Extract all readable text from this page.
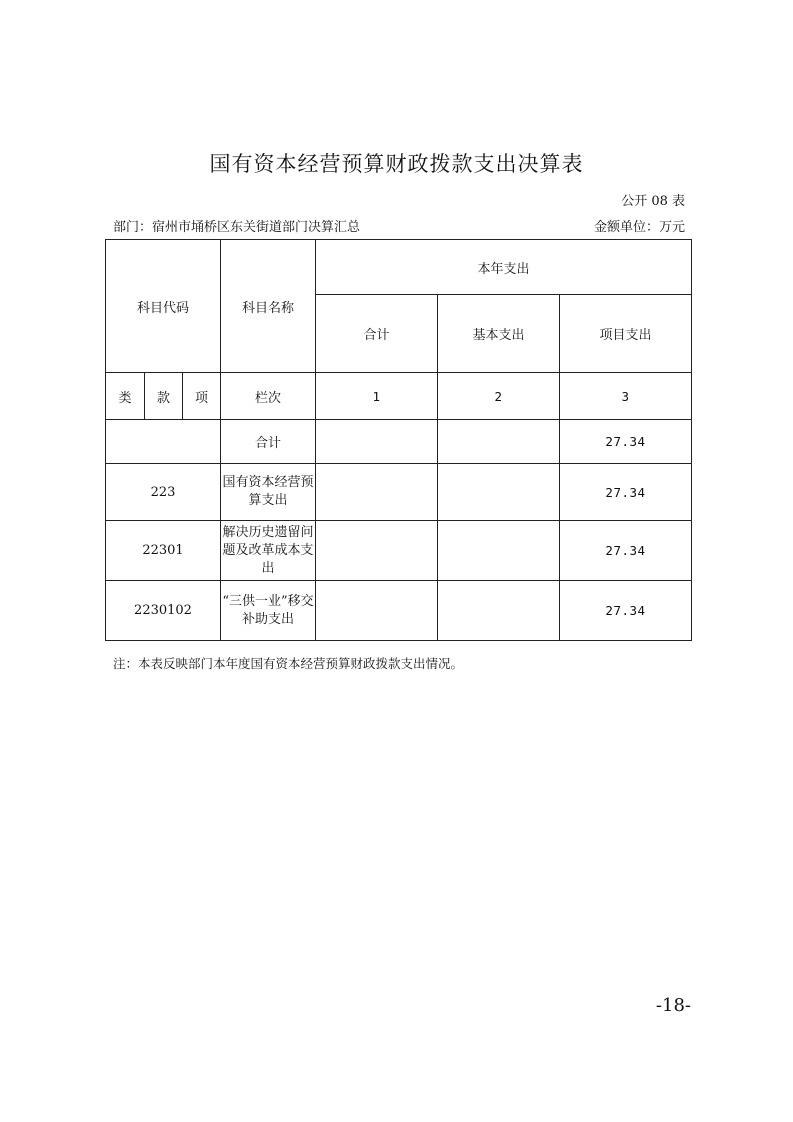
国有资本经营预算财政拨款支出决算表
公开 08 表
部门：宿州市埇桥区东关街道部门决算汇总	金额单位：万元
科目代码			科目名称	本年支出		
				合计	基本支出	项目支出
类	款	项	栏次	1	2	3
			合计			27.34
223			国有资本经营预算支出			27.34
22301			解决历史遗留问题及改革成本支出			27.34
2230102			“三供一业”移交补助支出			27.34
注：本表反映部门本年度国有资本经营预算财政拨款支出情况。
-18-
